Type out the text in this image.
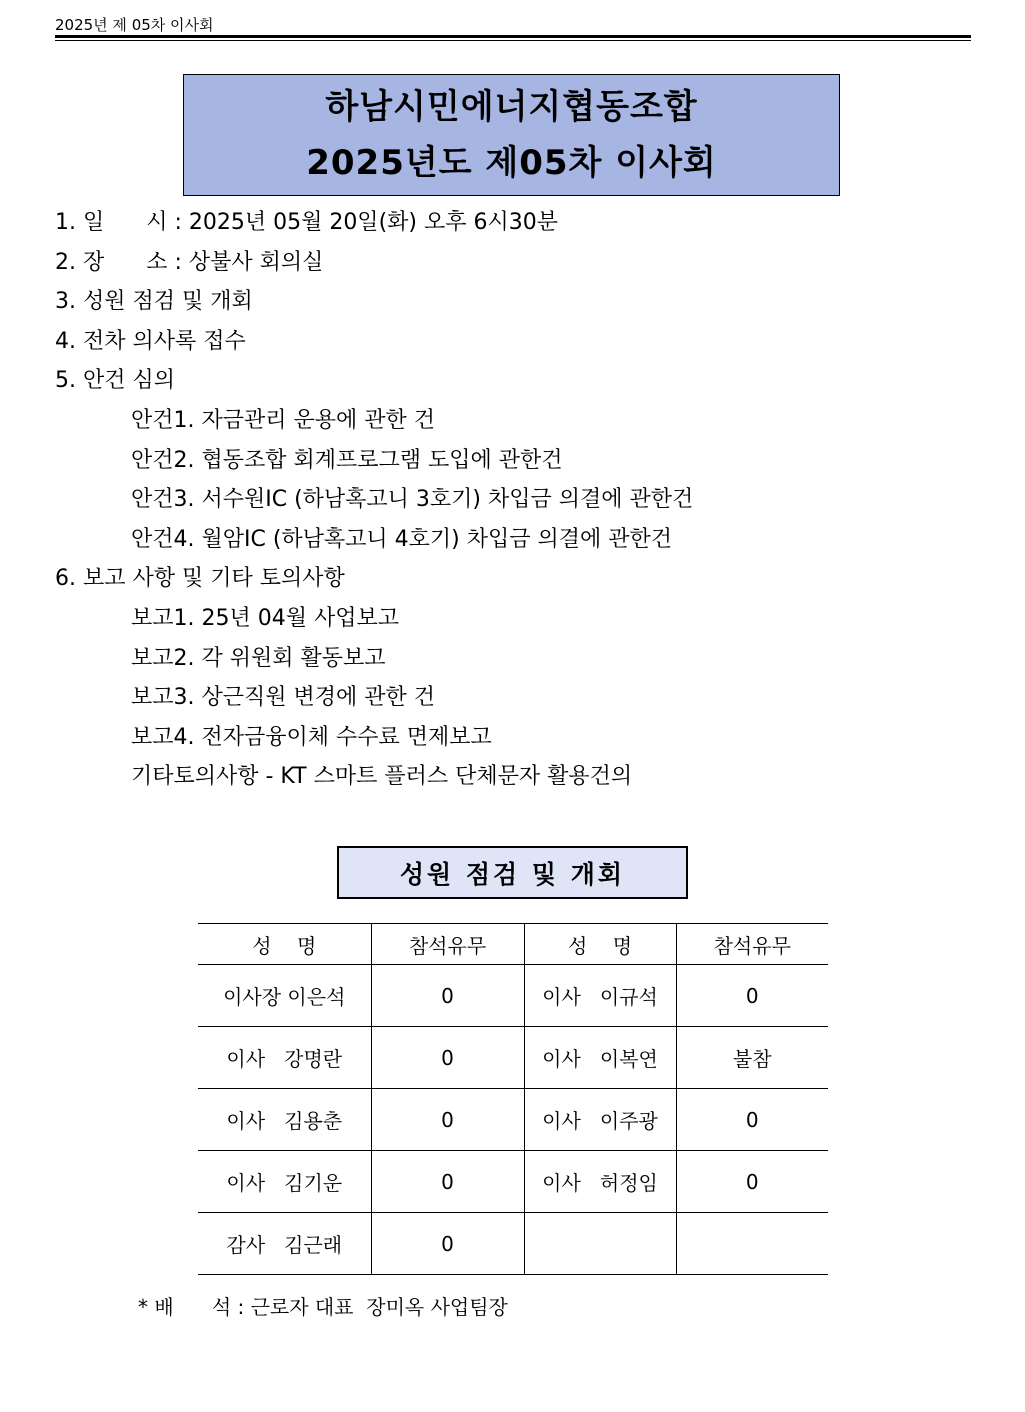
2025년 제 05차 이사회
하남시민에너지협동조합
2025년도 제05차 이사회
1. 일      시 : 2025년 05월 20일(화) 오후 6시30분
2. 장      소 : 상불사 회의실
3. 성원 점검 및 개회
4. 전차 의사록 접수
5. 안건 심의
안건1. 자금관리 운용에 관한 건
안건2. 협동조합 회계프로그램 도입에 관한건
안건3. 서수원IC (하남혹고니 3호기) 차입금 의결에 관한건
안건4. 월암IC (하남혹고니 4호기) 차입금 의결에 관한건
6. 보고 사항 및 기타 토의사항
보고1. 25년 04월 사업보고
보고2. 각 위원회 활동보고
보고3. 상근직원 변경에 관한 건
보고4. 전자금융이체 수수료 면제보고
기타토의사항 - KT 스마트 플러스 단체문자 활용건의
성원 점검 및 개회
성    명	참석유무	성    명	참석유무
이사장 이은석	0	이사   이규석	0
이사   강명란	0	이사   이복연	불참
이사   김용춘	0	이사   이주광	0
이사   김기운	0	이사   허정임	0
감사   김근래	0		
* 배      석 : 근로자 대표  장미옥 사업팀장
